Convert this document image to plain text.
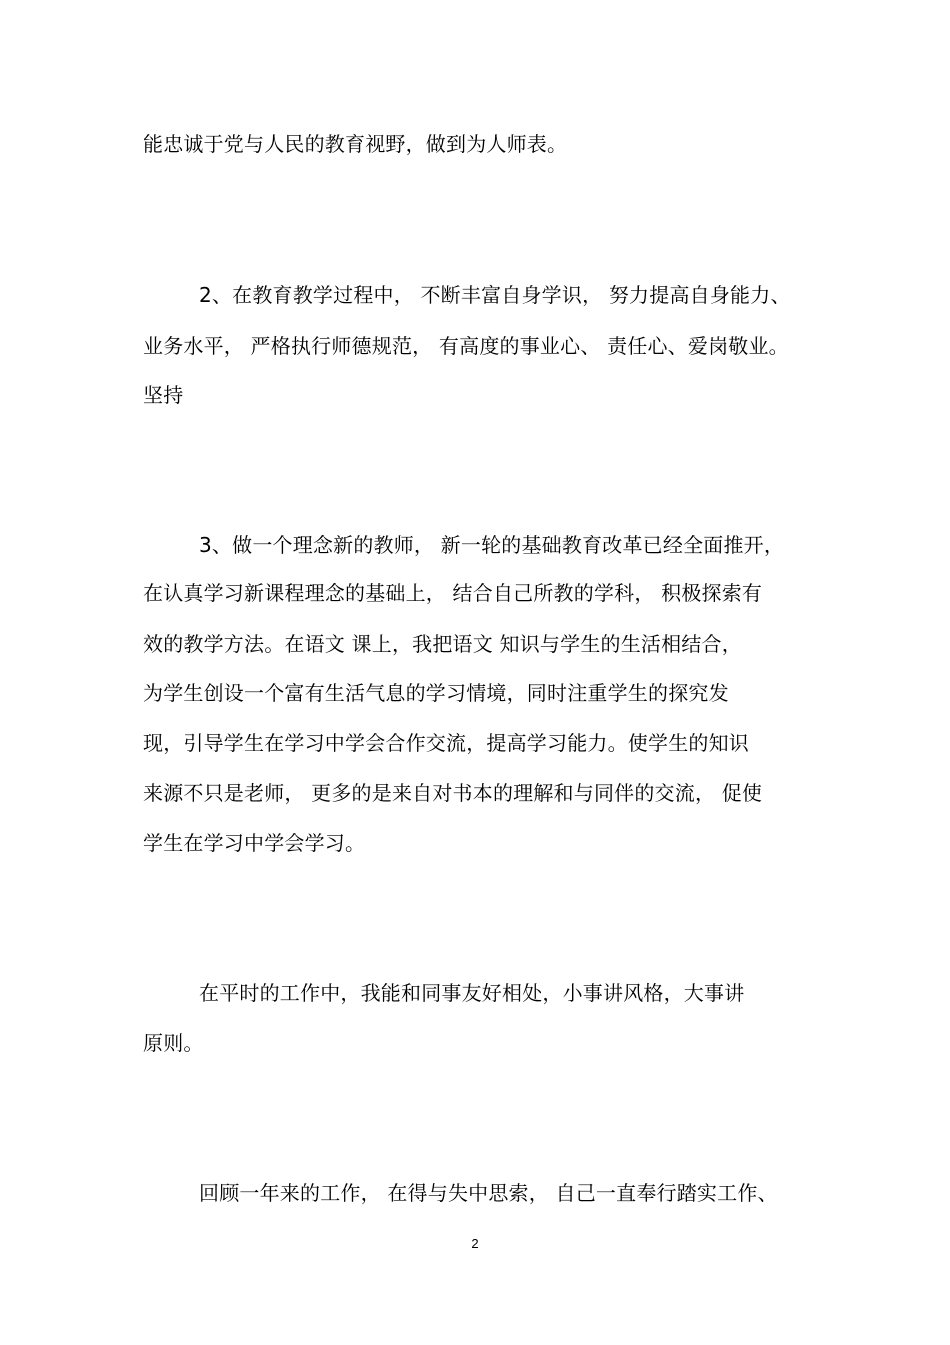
能忠诚于党与人民的教育视野，做到为人师表。

2、在教育教学过程中， 不断丰富自身学识， 努力提高自身能力、

业务水平， 严格执行师德规范， 有高度的事业心、 责任心、爱岗敬业。

坚持

3、做一个理念新的教师， 新一轮的基础教育改革已经全面推开，

在认真学习新课程理念的基础上， 结合自己所教的学科， 积极探索有

效的教学方法。在语文 课上，我把语文 知识与学生的生活相结合，

为学生创设一个富有生活气息的学习情境，同时注重学生的探究发

现，引导学生在学习中学会合作交流，提高学习能力。使学生的知识

来源不只是老师， 更多的是来自对书本的理解和与同伴的交流， 促使

学生在学习中学会学习。

在平时的工作中，我能和同事友好相处，小事讲风格，大事讲

原则。

回顾一年来的工作， 在得与失中思索， 自己一直奉行踏实工作、

2
